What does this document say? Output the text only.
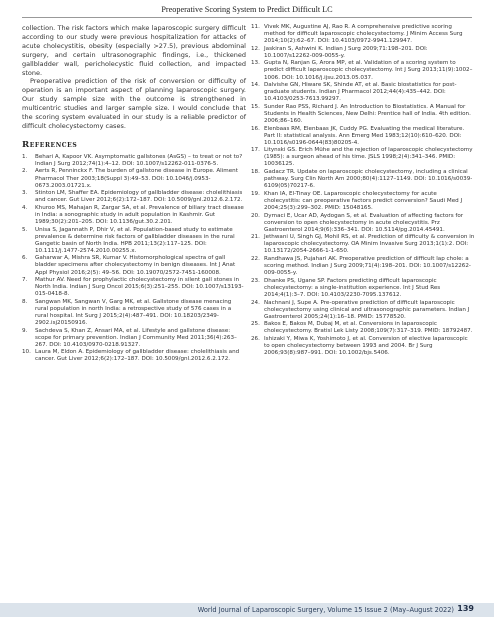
Preoperative Scoring System to Predict Difficult LC

collection. The risk factors which make laparoscopic surgery difficult according to our study were previous hospitalization for attacks of acute cholecystitis, obesity (especially >27.5), previous abdominal surgery, and certain ultrasonographic findings, i.e., thickened gallbladder wall, pericholecystic fluid collection, and impacted stone.

Preoperative prediction of the risk of conversion or difficulty of operation is an important aspect of planning laparoscopic surgery. Our study sample size with the outcome is strengthened in multicentric studies and larger sample size. I would conclude that the scoring system evaluated in our study is a reliable predictor of difficult cholecystectomy cases.

References
1.	Behari A, Kapoor VK. Asymptomatic gallstones (AsGS) – to treat or not to? Indian J Surg 2012;74(1):4–12. DOI: 10.1007/s12262-011-0376-5.
2.	Aerts R, Penninckx F. The burden of gallstone disease in Europe. Aliment Pharmacol Ther 2003;18(Suppl 3):49–53. DOI: 10.1046/j.0953-0673.2003.01721.x.
3.	Stinton LM, Shaffer EA. Epidemiology of gallbladder disease: cholelithiasis and cancer. Gut Liver 2012;6(2):172–187. DOI: 10.5009/gnl.2012.6.2.172.
4.	Khuroo MS, Mahajan R, Zargar SA, et al. Prevalence of biliary tract disease in India: a sonographic study in adult population in Kashmir. Gut 1989;30(2):201–205. DOI: 10.1136/gut.30.2.201.
5.	Unisa S, Jagannath P, Dhir V, et al. Population-based study to estimate prevalence & determine risk factors of gallbladder diseases in the rural Gangetic basin of North India. HPB 2011;13(2):117–125. DOI: 10.1111/j.1477-2574.2010.00255.x.
6.	Gaharwar A, Mishra SR, Kumar V. Histomorphological spectra of gall bladder specimens after cholecystectomy in benign diseases. Int J Anat Appl Physiol 2016;2(5): 49–56. DOI: 10.19070/2572-7451-160008.
7.	Mathur AV. Need for prophylactic cholecystectomy in silent gall stones in North India. Indian J Surg Oncol 2015;6(3):251–255. DOI: 10.1007/s13193-015-0418-8.
8.	Sangwan MK, Sangwan V, Garg MK, et al. Gallstone disease menacing rural population in north India: a retrospective study of 576 cases in a rural hospital. Int Surg J 2015;2(4):487–491. DOI: 10.18203/2349-2902.isj20150916.
9.	Sachdeva S, Khan Z, Ansari MA, et al. Lifestyle and gallstone disease: scope for primary prevention. Indian J Community Med 2011;36(4):263–267. DOI: 10.4103/0970-0218.91327.
10. Laura M, Eldon A. Epidemiology of gallbladder disease: cholelithiasis and cancer. Gut Liver 2012;6(2):172–187. DOI: 10.5009/gnl.2012.6.2.172.
11. Vivek MK, Augustine AJ, Rao R. A comprehensive predictive scoring method for difficult laparoscopic cholecystectomy. J Minim Access Surg 2014;10(2):62–67. DOI: 10.4103/0972-9941.129947.
12. Jaskiran S, Ashwini K. Indian J Surg 2009;71:198–201. DOI: 10.1007/s12262-009-0055-y.
13. Gupta N, Ranjan G, Arora MP, et al. Validation of a scoring system to predict difficult laparoscopic cholecystectomy. Int J Surg 2013;11(9):1002–1006. DOI: 10.1016/j.ijsu.2013.05.037.
14. Dalvishe GN, Hiware SK, Shinde AT, et al. Basic biostatistics for post-graduate students. Indian J Pharmacol 2012;44(4):435–442. DOI: 10.4103/0253-7613.99297.
15. Sunder Rao PSS, Richard J. An Introduction to Biostatistics. A Manual for Students in Health Sciences, New Delhi: Prentice hall of India. 4th edition. 2006;86–160.
16. Elenbaas RM, Elenbaas JK, Cuddy PG. Evaluating the medical literature. Part II: statistical analysis. Ann Emerg Med 1983;12(10):610–620. DOI: 10.1016/s0196-0644(83)80205-4.
17. Litynski GS. Erich Mühe and the rejection of laparoscopic cholecystectomy (1985): a surgeon ahead of his time. JSLS 1998;2(4):341–346. PMID: 10036125.
18. Gadacz TR. Update on laparoscopic cholecystectomy, including a clinical pathway. Surg Clin North Am 2000;80(4):1127–1149. DOI: 10.1016/s0039-6109(05)70217-6.
19. Khan IA, El-Tinay OE. Laparoscopic cholecystectomy for acute cholecystitis: can preoperative factors predict conversion? Saudi Med J 2004;25(3):299–302. PMID: 15048165.
20. Dymaci E, Ucar AD, Aydogan S, et al. Evaluation of affecting factors for conversion to open cholecystectomy in acute cholecystitis. Prz Gastroenterol 2014;9(6):336–341. DOI: 10.5114/pg.2014.45491.
21. Jethwani U, Singh GJ, Mohil RS, et al. Prediction of difficulty & conversion in laparoscopic cholecystectomy. OA Minim Invasive Surg 2013;1(1):2. DOI: 10.13172/2054-2666-1-1-650.
22. Randhawa JS, Pujahari AK. Preoperative prediction of difficult lap chole: a scoring method. Indian J Surg 2009;71(4):198–201. DOI: 10.1007/s12262-009-0055-y.
23. Dhanke PS, Ugane SP. Factors predicting difficult laparoscopic cholecystectomy: a single-institution experience. Int J Stud Res 2014;4(1):3–7. DOI: 10.4103/2230-7095.137612.
24. Nachnani J, Supe A. Pre-operative prediction of difficult laparoscopic cholecystectomy using clinical and ultrasonographic parameters. Indian J Gastroenterol 2005;24(1):16–18. PMID: 15778520.
25. Bakos E, Bakos M, Dubaj M, et al. Conversions in laparoscopic cholecystectomy. Bratisl Lek Listy 2008;109(7):317–319. PMID: 18792487.
26. Ishizaki Y, Miwa K, Yoshimoto J, et al. Conversion of elective laparoscopic to open cholecystectomy between 1993 and 2004. Br J Surg 2006;93(8):987–991. DOI: 10.1002/bjs.5406.
World Journal of Laparoscopic Surgery, Volume 15 Issue 2 (May–August 2022) 139
